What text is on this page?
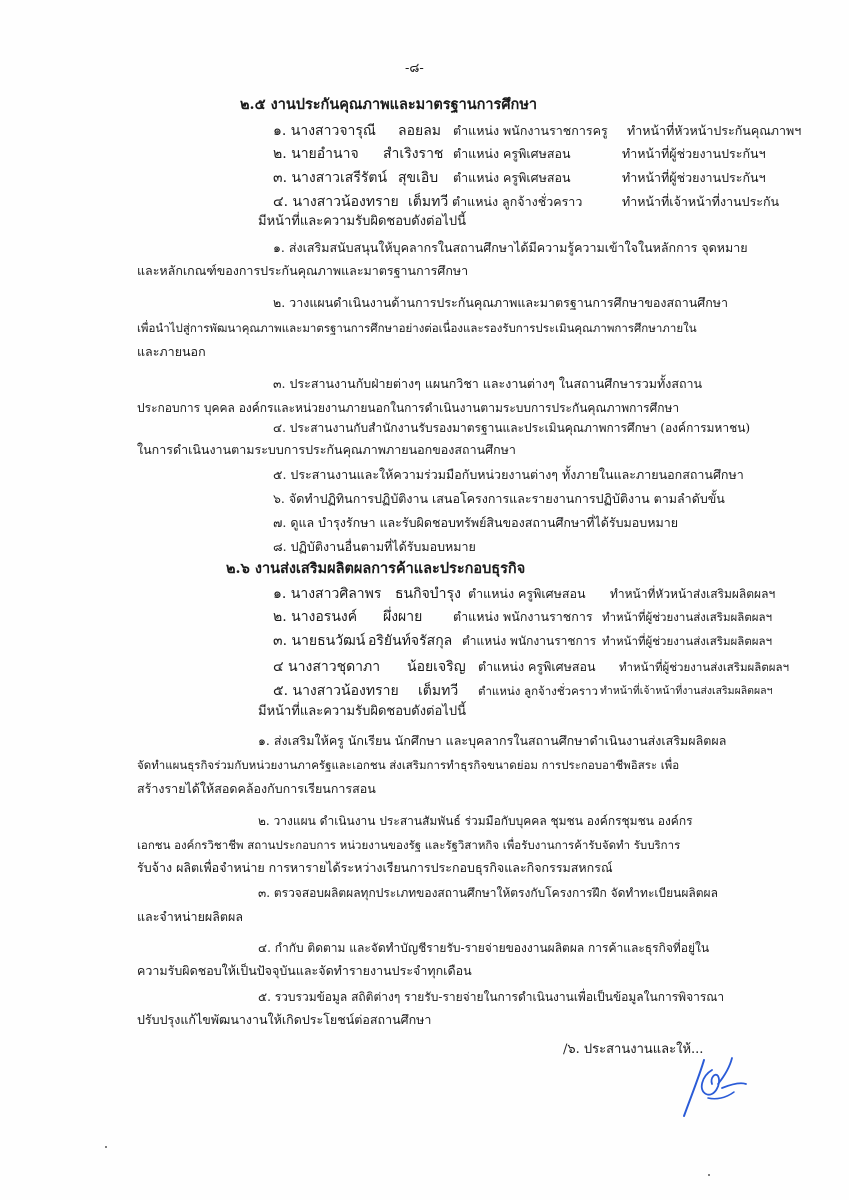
-๘-
๒.๕ งานประกันคุณภาพและมาตรฐานการศึกษา
๑. นางสาวจารุณี ลอยลม ตำแหน่ง พนักงานราชการครู ทำหน้าที่หัวหน้าประกันคุณภาพฯ
๒. นายอำนาจ สำเริงราช ตำแหน่ง ครูพิเศษสอน	ทำหน้าที่ผู้ช่วยงานประกันฯ
๓. นางสาวเสรีรัตน์ สุขเอิบ ตำแหน่ง ครูพิเศษสอน	ทำหน้าที่ผู้ช่วยงานประกันฯ
๔. นางสาวน้องทราย เต็มทวี ตำแหน่ง ลูกจ้างชั่วคราว	ทำหน้าที่เจ้าหน้าที่งานประกัน
มีหน้าที่และความรับผิดชอบดังต่อไปนี้
๑. ส่งเสริมสนับสนุนให้บุคลากรในสถานศึกษาได้มีความรู้ความเข้าใจในหลักการ จุดหมาย
และหลักเกณฑ์ของการประกันคุณภาพและมาตรฐานการศึกษา
๒. วางแผนดำเนินงานด้านการประกันคุณภาพและมาตรฐานการศึกษาของสถานศึกษา
เพื่อนำไปสู่การพัฒนาคุณภาพและมาตรฐานการศึกษาอย่างต่อเนื่องและรองรับการประเมินคุณภาพการศึกษาภายใน
และภายนอก
๓. ประสานงานกับฝ่ายต่างๆ แผนกวิชา และงานต่างๆ ในสถานศึกษารวมทั้งสถาน
ประกอบการ บุคคล องค์กรและหน่วยงานภายนอกในการดำเนินงานตามระบบการประกันคุณภาพการศึกษา
๔. ประสานงานกับสำนักงานรับรองมาตรฐานและประเมินคุณภาพการศึกษา (องค์การมหาชน)
ในการดำเนินงานตามระบบการประกันคุณภาพภายนอกของสถานศึกษา
๕. ประสานงานและให้ความร่วมมือกับหน่วยงานต่างๆ ทั้งภายในและภายนอกสถานศึกษา
๖. จัดทำปฏิทินการปฏิบัติงาน เสนอโครงการและรายงานการปฏิบัติงาน ตามลำดับขั้น
๗. ดูแล บำรุงรักษา และรับผิดชอบทรัพย์สินของสถานศึกษาที่ได้รับมอบหมาย
๘. ปฏิบัติงานอื่นตามที่ได้รับมอบหมาย
๒.๖ งานส่งเสริมผลิตผลการค้าและประกอบธุรกิจ
๑. นางสาวศิลาพร ธนกิจบำรุง ตำแหน่ง ครูพิเศษสอน ทำหน้าที่หัวหน้าส่งเสริมผลิตผลฯ
๒. นางอรนงค์ ผึ่งผาย ตำแหน่ง พนักงานราชการ ทำหน้าที่ผู้ช่วยงานส่งเสริมผลิตผลฯ
๓. นายธนวัฒน์ อริยันท์จรัสกุล ตำแหน่ง พนักงานราชการ ทำหน้าที่ผู้ช่วยงานส่งเสริมผลิตผลฯ
๔ นางสาวชุดาภา น้อยเจริญ ตำแหน่ง ครูพิเศษสอน ทำหน้าที่ผู้ช่วยงานส่งเสริมผลิตผลฯ
๕. นางสาวน้องทราย เต็มทวี ตำแหน่ง ลูกจ้างชั่วคราว ทำหน้าที่เจ้าหน้าที่งานส่งเสริมผลิตผลฯ
มีหน้าที่และความรับผิดชอบดังต่อไปนี้
๑. ส่งเสริมให้ครู นักเรียน นักศึกษา และบุคลากรในสถานศึกษาดำเนินงานส่งเสริมผลิตผล
จัดทำแผนธุรกิจร่วมกับหน่วยงานภาครัฐและเอกชน ส่งเสริมการทำธุรกิจขนาดย่อม การประกอบอาชีพอิสระ เพื่อ
สร้างรายได้ให้สอดคล้องกับการเรียนการสอน
๒. วางแผน ดำเนินงาน ประสานสัมพันธ์ ร่วมมือกับบุคคล ชุมชน องค์กรชุมชน องค์กร
เอกชน องค์กรวิชาชีพ สถานประกอบการ หน่วยงานของรัฐ และรัฐวิสาหกิจ เพื่อรับงานการค้ารับจัดทำ รับบริการ
รับจ้าง ผลิตเพื่อจำหน่าย การหารายได้ระหว่างเรียนการประกอบธุรกิจและกิจกรรมสหกรณ์
๓. ตรวจสอบผลิตผลทุกประเภทของสถานศึกษาให้ตรงกับโครงการฝึก จัดทำทะเบียนผลิตผล
และจำหน่ายผลิตผล
๔. กำกับ ติดตาม และจัดทำบัญชีรายรับ-รายจ่ายของงานผลิตผล การค้าและธุรกิจที่อยู่ใน
ความรับผิดชอบให้เป็นปัจจุบันและจัดทำรายงานประจำทุกเดือน
๕. รวบรวมข้อมูล สถิติต่างๆ รายรับ-รายจ่ายในการดำเนินงานเพื่อเป็นข้อมูลในการพิจารณา
ปรับปรุงแก้ไขพัฒนางานให้เกิดประโยชน์ต่อสถานศึกษา
/๖. ประสานงานและให้...
